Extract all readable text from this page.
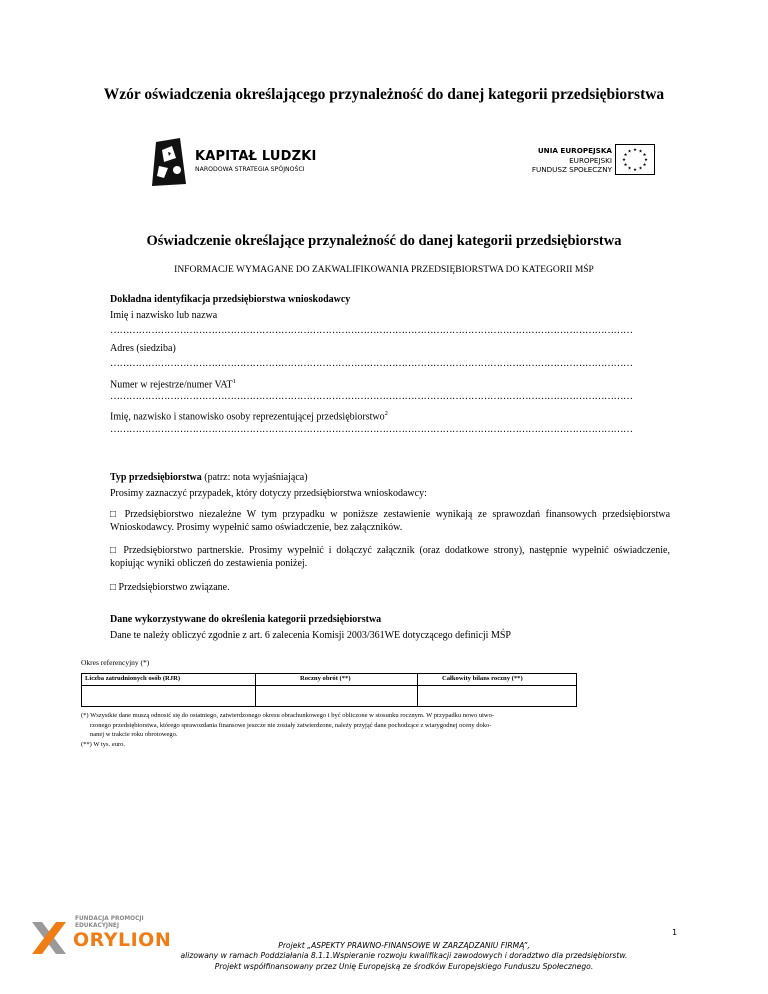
Wzór oświadczenia określającego przynależność do danej kategorii przedsiębiorstwa
KAPITAŁ LUDZKI
NARODOWA STRATEGIA SPÓJNOŚCI
UNIA EUROPEJSKA
EUROPEJSKI
FUNDUSZ SPOŁECZNY
★ ★
★
★
★
★
★
★
★
★
★
★
Oświadczenie określające przynależność do danej kategorii przedsiębiorstwa
INFORMACJE WYMAGANE DO ZAKWALIFIKOWANIA PRZEDSIĘBIORSTWA DO KATEGORII MŚP
Dokładna identyfikacja przedsiębiorstwa wnioskodawcy
Imię i nazwisko lub nazwa
…………………………………………………………………………………………………………………………………………………
Adres (siedziba)
…………………………………………………………………………………………………………………………………………………
Numer w rejestrze/numer VAT$^1$
…………………………………………………………………………………………………………………………………………………
Imię, nazwisko i stanowisko osoby reprezentującej przedsiębiorstwo$^2$
…………………………………………………………………………………………………………………………………………………
Typ przedsiębiorstwa (patrz: nota wyjaśniająca)
Prosimy zaznaczyć przypadek, który dotyczy przedsiębiorstwa wnioskodawcy:
□ Przedsiębiorstwo niezależne W tym przypadku w poniższe zestawienie wynikają ze sprawozdań finansowych przedsiębiorstwa Wnioskodawcy. Prosimy wypełnić samo oświadczenie, bez załączników.
□ Przedsiębiorstwo partnerskie. Prosimy wypełnić i dołączyć załącznik (oraz dodatkowe strony), następnie wypełnić oświadczenie, kopiując wyniki obliczeń do zestawienia poniżej.
□ Przedsiębiorstwo związane.
Dane wykorzystywane do określenia kategorii przedsiębiorstwa
Dane te należy obliczyć zgodnie z art. 6 zalecenia Komisji 2003/361WE dotyczącego definicji MŚP
Okres referencyjny (*)
Liczba zatrudnionych osób (RJR)	Roczny obrót (**)	Całkowity bilans roczny (**)
(*) Wszystkie dane muszą odnosić się do ostatniego, zatwierdzonego okresu obrachunkowego i być obliczone w stosunku rocznym. W przypadku nowo utwo-
rzonego przedsiębiorstwa, którego sprawozdania finansowe jeszcze nie zostały zatwierdzone, należy przyjąć dane pochodzące z wiarygodnej oceny doko-
nanej w trakcie roku obrotowego.
(**) W tys. euro.
FUNDACJA PROMOCJI
EDUKACYJNEJ
ORYLION	1
Projekt „ASPEKTY PRAWNO-FINANSOWE W ZARZĄDZANIU FIRMĄ”,
alizowany w ramach Poddziałania 8.1.1.Wspieranie rozwoju kwalifikacji zawodowych i doradztwo dla przedsiębiorstw.
Projekt współfinansowany przez Unię Europejską ze środków Europejskiego Funduszu Społecznego.
